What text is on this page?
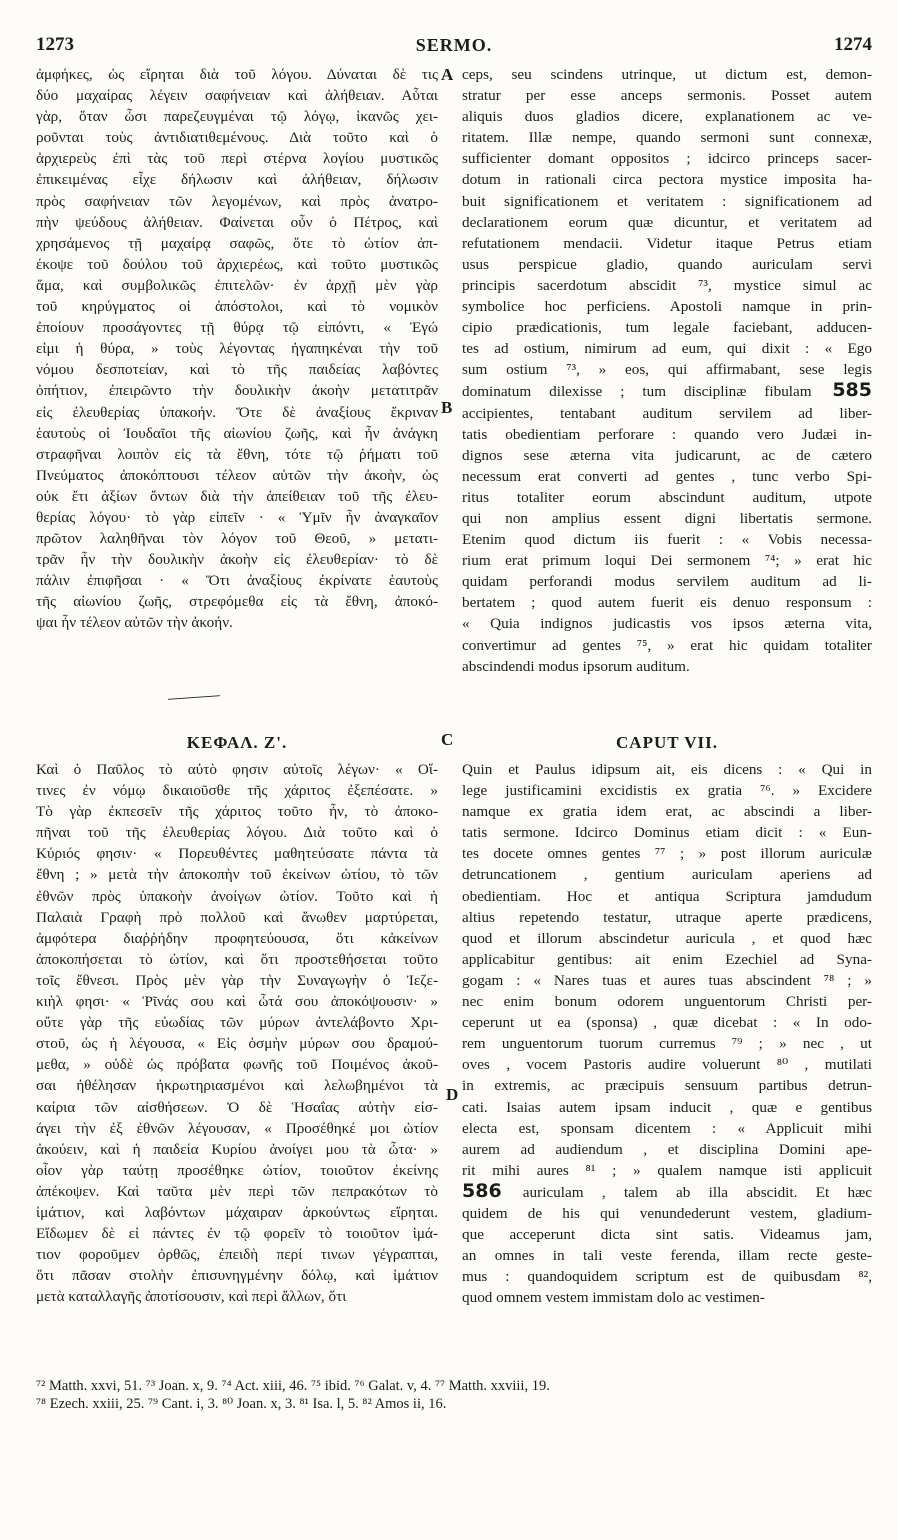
1273	SERMO.	1274
A
B
C
D
ἀμφήκες, ὡς εἴρηται διὰ τοῦ λόγου. Δύναται δὲ τις
δύο μαχαίρας λέγειν σαφήνειαν καὶ ἀλήθειαν. Αὗται
γὰρ, ὅταν ὦσι παρεζευγμέναι τῷ λόγῳ, ἱκανῶς χει-
ροῦνται τοὺς ἀντιδιατιθεμένους. Διὰ τοῦτο καὶ ὁ
ἀρχιερεὺς ἐπὶ τὰς τοῦ περὶ στέρνα λογίου μυστικῶς
ἐπικειμένας εἶχε δήλωσιν καὶ ἀλήθειαν, δήλωσιν
πρὸς σαφήνειαν τῶν λεγομένων, καὶ πρὸς ἀνατρο-
πὴν ψεύδους ἀλήθειαν. Φαίνεται οὖν ὁ Πέτρος, καὶ
χρησάμενος τῇ μαχαίρᾳ σαφῶς, ὅτε τὸ ὠτίον ἀπ-
έκοψε τοῦ δούλου τοῦ ἀρχιερέως, καὶ τοῦτο μυστικῶς
ἅμα, καὶ συμβολικῶς ἐπιτελῶν· ἐν ἀρχῇ μὲν γὰρ
τοῦ κηρύγματος οἱ ἀπόστολοι, καὶ τὸ νομικὸν
ἐποίουν προσάγοντες τῇ θύρᾳ τῷ εἰπόντι, « Ἐγώ
εἰμι ἡ θύρα, » τοὺς λέγοντας ἠγαπηκέναι τὴν τοῦ
νόμου δεσποτείαν, καὶ τὸ τῆς παιδείας λαβόντες
ὀπήτιον, ἐπειρῶντο τὴν δουλικὴν ἀκοὴν μετατιτρᾶν
εἰς ἐλευθερίας ὑπακοήν. Ὅτε δὲ ἀναξίους ἔκριναν
ἑαυτοὺς οἱ Ἰουδαῖοι τῆς αἰωνίου ζωῆς, καὶ ἦν ἀνάγκη
στραφῆναι λοιπὸν εἰς τὰ ἔθνη, τότε τῷ ῥήματι τοῦ
Πνεύματος ἀποκόπτουσι τέλεον αὐτῶν τὴν ἀκοὴν, ὡς
οὐκ ἔτι ἀξίων ὄντων διὰ τὴν ἀπείθειαν τοῦ τῆς ἐλευ-
θερίας λόγου· τὸ γὰρ εἰπεῖν · « Ὑμῖν ἦν ἀναγκαῖον
πρῶτον λαληθῆναι τὸν λόγον τοῦ Θεοῦ, » μετατι-
τρᾶν ἦν τὴν δουλικὴν ἀκοὴν εἰς ἐλευθερίαν· τὸ δὲ
πάλιν ἐπιφῆσαι · « Ὅτι ἀναξίους ἐκρίνατε ἑαυτοὺς
τῆς αἰωνίου ζωῆς, στρεφόμεθα εἰς τὰ ἔθνη, ἀποκό-
ψαι ἦν τέλεον αὐτῶν τὴν ἀκοήν.
ceps, seu scindens utrinque, ut dictum est, demon-
stratur per esse anceps sermonis. Posset autem
aliquis duos gladios dicere, explanationem ac ve-
ritatem. Illæ nempe, quando sermoni sunt connexæ,
sufficienter domant oppositos ; idcirco princeps sacer-
dotum in rationali circa pectora mystice imposita ha-
buit significationem et veritatem : significationem ad
declarationem eorum quæ dicuntur, et veritatem ad
refutationem mendacii. Videtur itaque Petrus etiam
usus perspicue gladio, quando auriculam servi
principis sacerdotum abscidit ⁷³, mystice simul ac
symbolice hoc perficiens. Apostoli namque in prin-
cipio prædicationis, tum legale faciebant, adducen-
tes ad ostium, nimirum ad eum, qui dixit : « Ego
sum ostium ⁷³, » eos, qui affirmabant, sese legis
dominatum dilexisse ; tum disciplinæ fibulam 585
accipientes, tentabant auditum servilem ad liber-
tatis obedientiam perforare : quando vero Judæi in-
dignos sese æterna vita judicarunt, ac de cætero
necessum erat converti ad gentes , tunc verbo Spi-
ritus totaliter eorum abscindunt auditum, utpote
qui non amplius essent digni libertatis sermone.
Etenim quod dictum iis fuerit : « Vobis necessa-
rium erat primum loqui Dei sermonem ⁷⁴; » erat hic
quidam perforandi modus servilem auditum ad li-
bertatem ; quod autem fuerit eis denuo responsum :
« Quia indignos judicastis vos ipsos æterna vita,
convertimur ad gentes ⁷⁵, » erat hic quidam totaliter
abscindendi modus ipsorum auditum.
ΚΕΦΑΛ. Ζ'.	CAPUT VII.
Καὶ ὁ Παῦλος τὸ αὐτὸ φησιν αὐτοῖς λέγων· « Οἵ-
τινες ἐν νόμῳ δικαιοῦσθε τῆς χάριτος ἐξεπέσατε. »
Τὸ γὰρ ἐκπεσεῖν τῆς χάριτος τοῦτο ἦν, τὸ ἀποκο-
πῆναι τοῦ τῆς ἐλευθερίας λόγου. Διὰ τοῦτο καὶ ὁ
Κύριός φησιν· « Πορευθέντες μαθητεύσατε πάντα τὰ
ἔθνη ; » μετὰ τὴν ἀποκοπὴν τοῦ ἐκείνων ὠτίου, τὸ τῶν
ἐθνῶν πρὸς ὑπακοὴν ἀνοίγων ὠτίον. Τοῦτο καὶ ἡ
Παλαιὰ Γραφὴ πρὸ πολλοῦ καὶ ἄνωθεν μαρτύρεται,
ἀμφότερα διαῤῥήδην προφητεύουσα, ὅτι κἀκείνων
ἀποκοπήσεται τὸ ὠτίον, καὶ ὅτι προστεθήσεται τοῦτο
τοῖς ἔθνεσι. Πρὸς μὲν γὰρ τὴν Συναγωγὴν ὁ Ἰεζε-
κιὴλ φησι· « Ῥῖνάς σου καὶ ὦτά σου ἀποκόψουσιν· »
οὔτε γὰρ τῆς εὐωδίας τῶν μύρων ἀντελάβοντο Χρι-
στοῦ, ὡς ἡ λέγουσα, « Εἰς ὀσμὴν μύρων σου δραμού-
μεθα, » οὐδὲ ὡς πρόβατα φωνῆς τοῦ Ποιμένος ἀκοῦ-
σαι ἠθέλησαν ἠκρωτηριασμένοι καὶ λελωβημένοι τὰ
καίρια τῶν αἰσθήσεων. Ὁ δὲ Ἡσαΐας αὐτὴν εἰσ-
άγει τὴν ἐξ ἐθνῶν λέγουσαν, « Προσέθηκέ μοι ὠτίον
ἀκούειν, καὶ ἡ παιδεία Κυρίου ἀνοίγει μου τὰ ὦτα· »
οἷον γὰρ ταύτῃ προσέθηκε ὠτίον, τοιοῦτον ἐκείνης
ἀπέκοψεν. Καὶ ταῦτα μὲν περὶ τῶν πεπρακότων τὸ
ἱμάτιον, καὶ λαβόντων μάχαιραν ἀρκούντως εἴρηται.
Εἴδωμεν δὲ εἰ πάντες ἐν τῷ φορεῖν τὸ τοιοῦτον ἱμά-
τιον φοροῦμεν ὀρθῶς, ἐπειδὴ περί τινων γέγραπται,
ὅτι πᾶσαν στολὴν ἐπισυνηγμένην δόλῳ, καὶ ἱμάτιον
μετὰ καταλλαγῆς ἀποτίσουσιν, καὶ περὶ ἄλλων, ὅτι
Quin et Paulus idipsum ait, eis dicens : « Qui in
lege justificamini excidistis ex gratia ⁷⁶. » Excidere
namque ex gratia idem erat, ac abscindi a liber-
tatis sermone. Idcirco Dominus etiam dicit : « Eun-
tes docete omnes gentes ⁷⁷ ; » post illorum auriculæ
detruncationem , gentium auriculam aperiens ad
obedientiam. Hoc et antiqua Scriptura jamdudum
altius repetendo testatur, utraque aperte prædicens,
quod et illorum abscindetur auricula , et quod hæc
applicabitur gentibus: ait enim Ezechiel ad Syna-
gogam : « Nares tuas et aures tuas abscindent ⁷⁸ ; »
nec enim bonum odorem unguentorum Christi per-
ceperunt ut ea (sponsa) , quæ dicebat : « In odo-
rem unguentorum tuorum curremus ⁷⁹ ; » nec , ut
oves , vocem Pastoris audire voluerunt ⁸⁰ , mutilati
in extremis, ac præcipuis sensuum partibus detrun-
cati. Isaias autem ipsam inducit , quæ e gentibus
electa est, sponsam dicentem : « Applicuit mihi
aurem ad audiendum , et disciplina Domini ape-
rit mihi aures ⁸¹ ; » qualem namque isti applicuit
586 auriculam , talem ab illa abscidit. Et hæc
quidem de his qui venundederunt vestem, gladium-
que acceperunt dicta sint satis. Videamus jam,
an omnes in tali veste ferenda, illam recte geste-
mus : quandoquidem scriptum est de quibusdam ⁸²,
quod omnem vestem immistam dolo ac vestimen-
⁷² Matth. xxvi, 51. ⁷³ Joan. x, 9. ⁷⁴ Act. xiii, 46. ⁷⁵ ibid. ⁷⁶ Galat. v, 4. ⁷⁷ Matth. xxviii, 19.
⁷⁸ Ezech. xxiii, 25. ⁷⁹ Cant. i, 3. ⁸⁰ Joan. x, 3. ⁸¹ Isa. l, 5. ⁸² Amos ii, 16.
